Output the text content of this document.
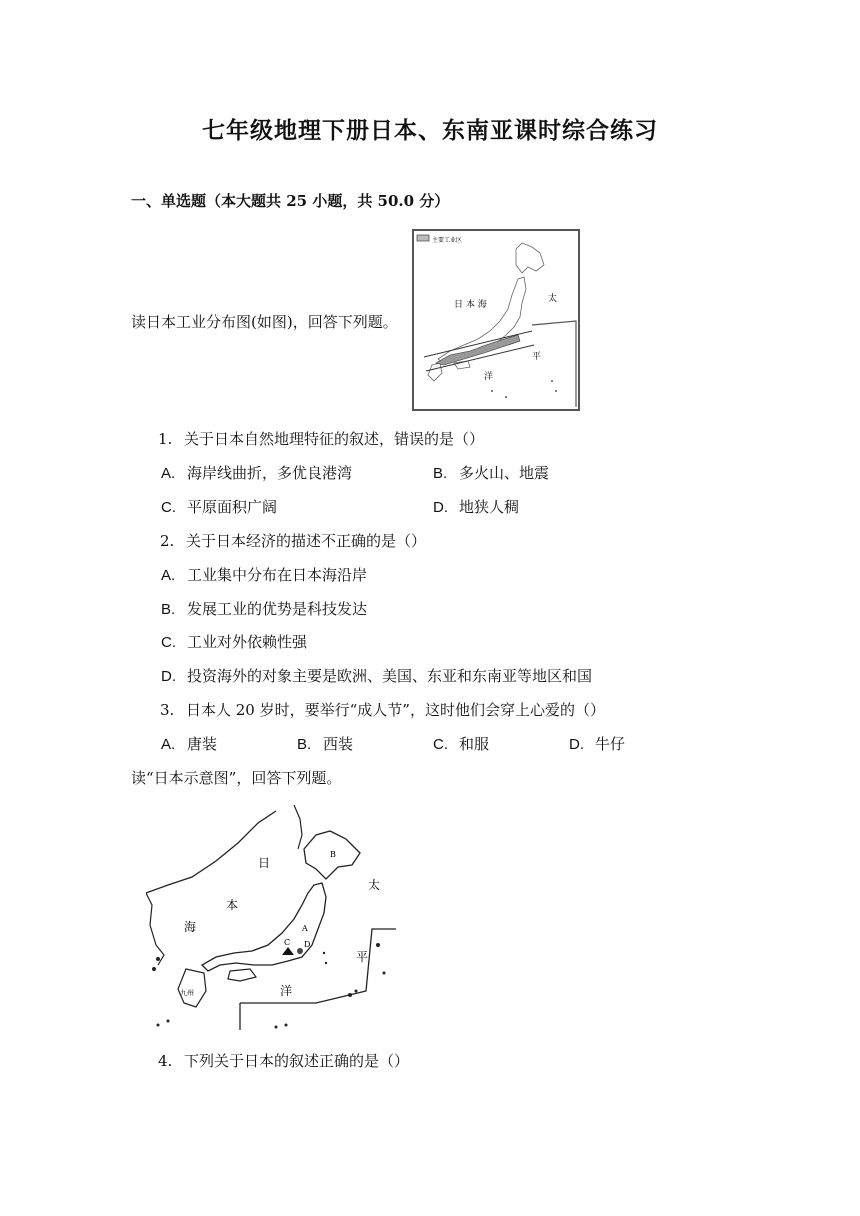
七年级地理下册日本、东南亚课时综合练习
一、单选题（本大题共 25 小题，共 50.0 分）
读日本工业分布图(如图)，回答下列题。
主要工业区
日 本 海
太
平
洋
1. 关于日本自然地理特征的叙述，错误的是（）
A. 海岸线曲折，多优良港湾	B. 多火山、地震
C. 平原面积广阔	D. 地狭人稠
2. 关于日本经济的描述不正确的是（）
A. 工业集中分布在日本海沿岸
B. 发展工业的优势是科技发达
C. 工业对外依赖性强
D. 投资海外的对象主要是欧洲、美国、东亚和东南亚等地区和国
3. 日本人 20 岁时，要举行“成人节”，这时他们会穿上心爱的（）
A. 唐装	B. 西装	C. 和服	D. 牛仔
读“日本示意图”，回答下列题。
日
本
海
太
平
洋
九州
A
B
C D
4. 下列关于日本的叙述正确的是（）
